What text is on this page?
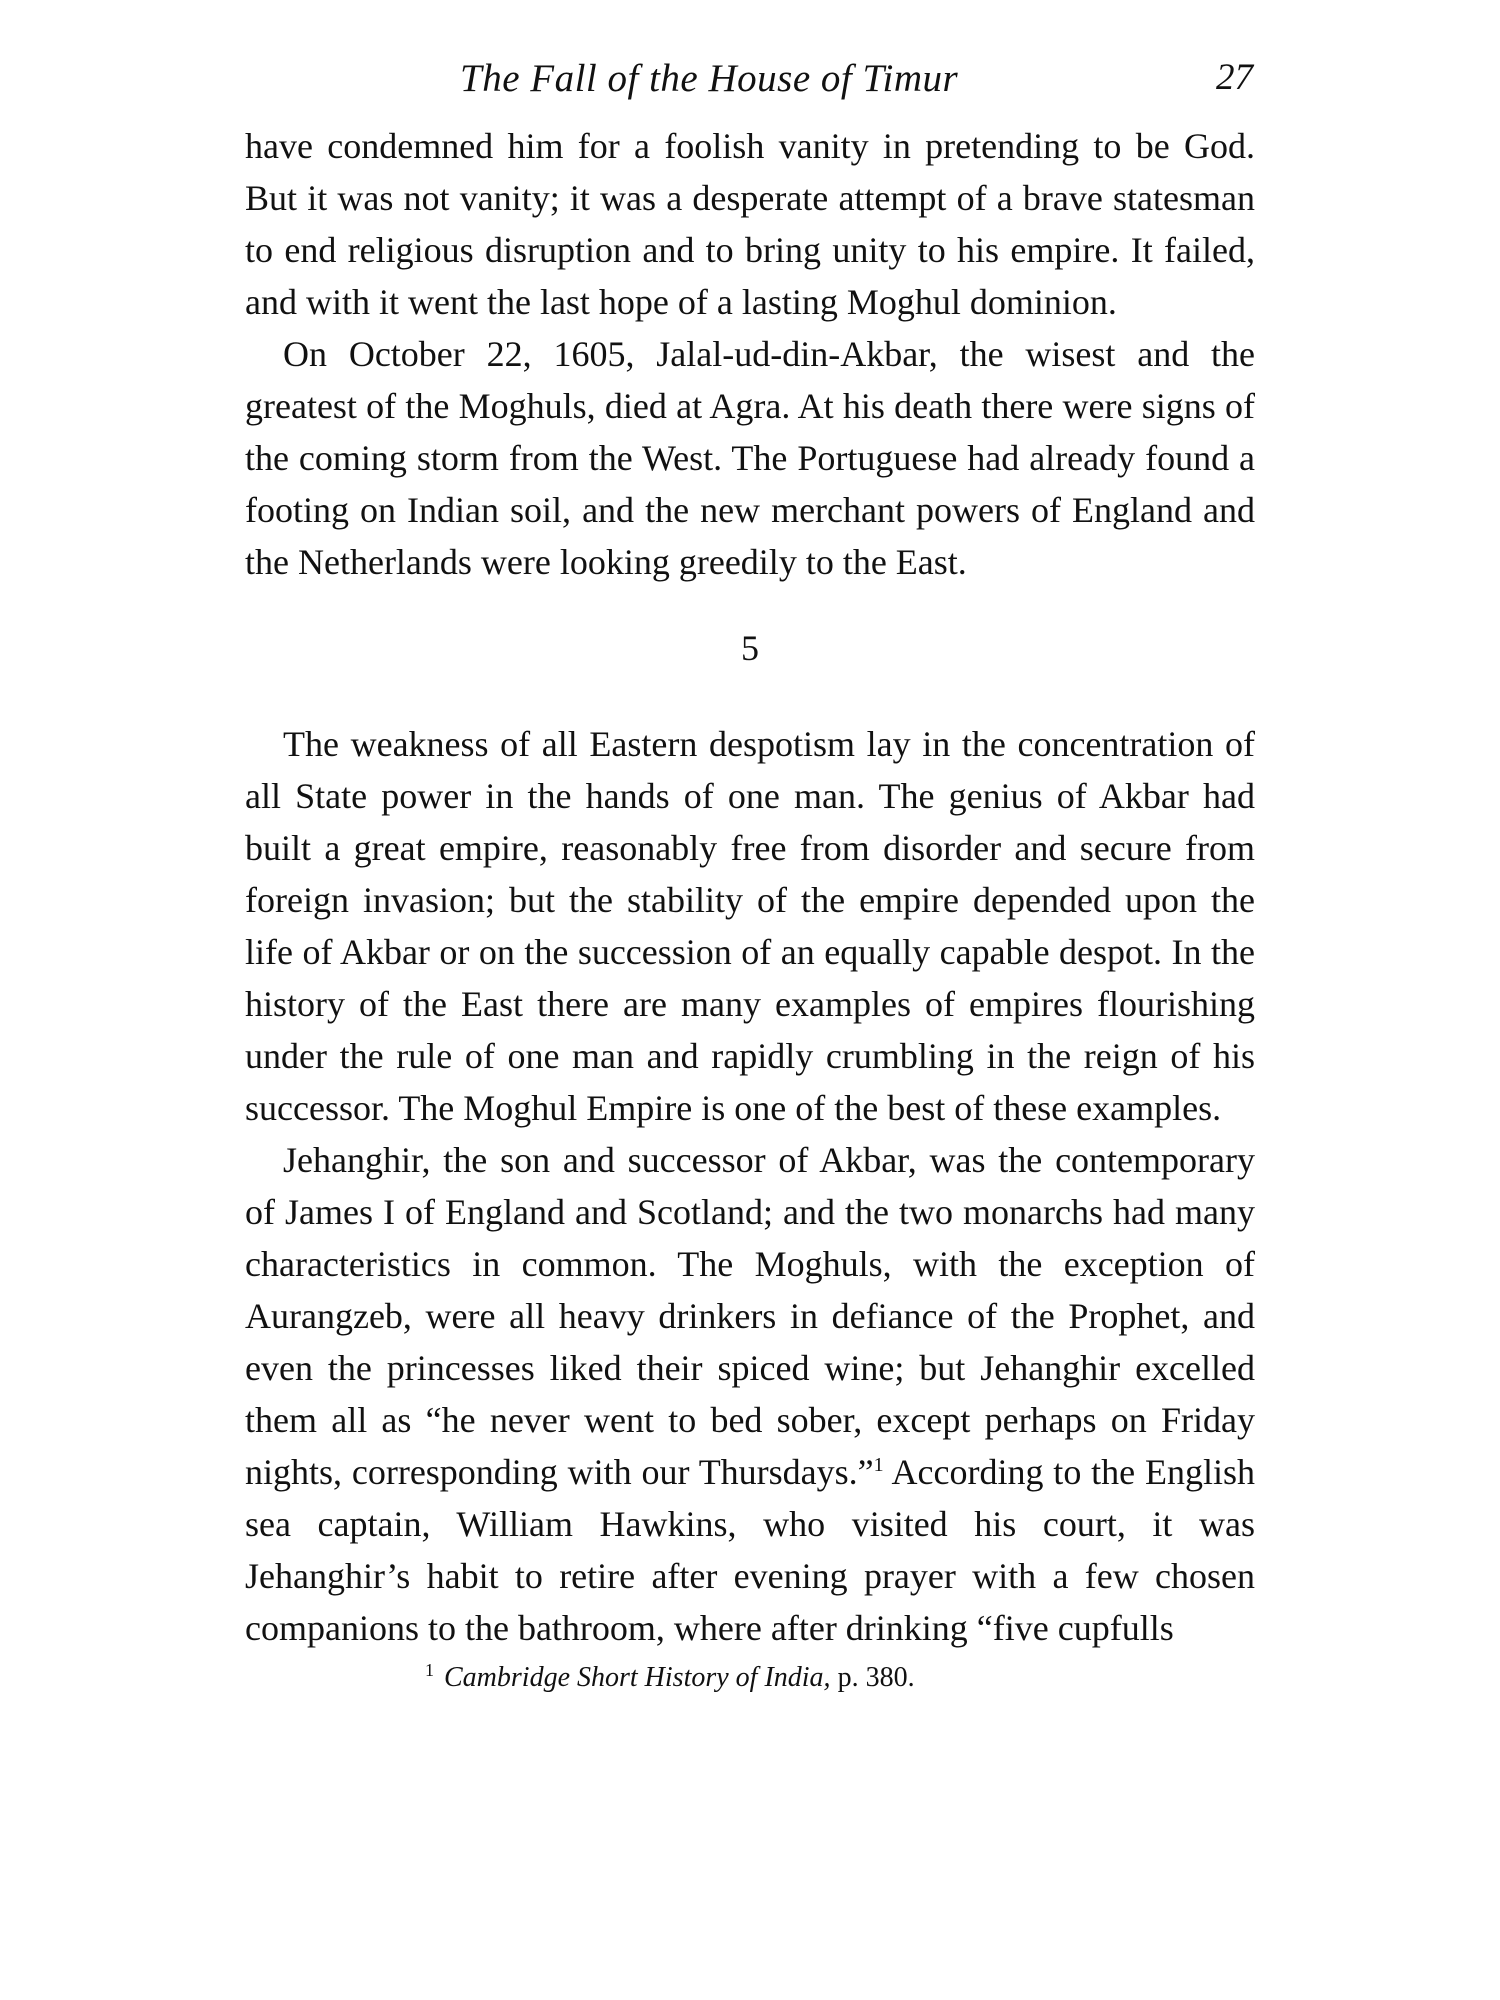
The Fall of the House of Timur	27

have condemned him for a foolish vanity in pretending to be God. But it was not vanity; it was a desperate attempt of a brave statesman to end religious disruption and to bring unity to his empire. It failed, and with it went the last hope of a lasting Moghul dominion.

On October 22, 1605, Jalal-ud-din-Akbar, the wisest and the greatest of the Moghuls, died at Agra. At his death there were signs of the coming storm from the West. The Portuguese had already found a footing on Indian soil, and the new merchant powers of England and the Netherlands were looking greedily to the East.

5

The weakness of all Eastern despotism lay in the concentration of all State power in the hands of one man. The genius of Akbar had built a great empire, reasonably free from disorder and secure from foreign invasion; but the stability of the empire depended upon the life of Akbar or on the succession of an equally capable despot. In the history of the East there are many examples of empires flourishing under the rule of one man and rapidly crumbling in the reign of his successor. The Moghul Empire is one of the best of these examples.

Jehanghir, the son and successor of Akbar, was the contemporary of James I of England and Scotland; and the two monarchs had many characteristics in common. The Moghuls, with the exception of Aurangzeb, were all heavy drinkers in defiance of the Prophet, and even the princesses liked their spiced wine; but Jehanghir excelled them all as “he never went to bed sober, except perhaps on Friday nights, corresponding with our Thursdays.”$^1$ According to the English sea captain, William Hawkins, who visited his court, it was Jehanghir’s habit to retire after evening prayer with a few chosen companions to the bathroom, where after drinking “five cupfulls

$^1$ Cambridge Short History of India, p. 380.
